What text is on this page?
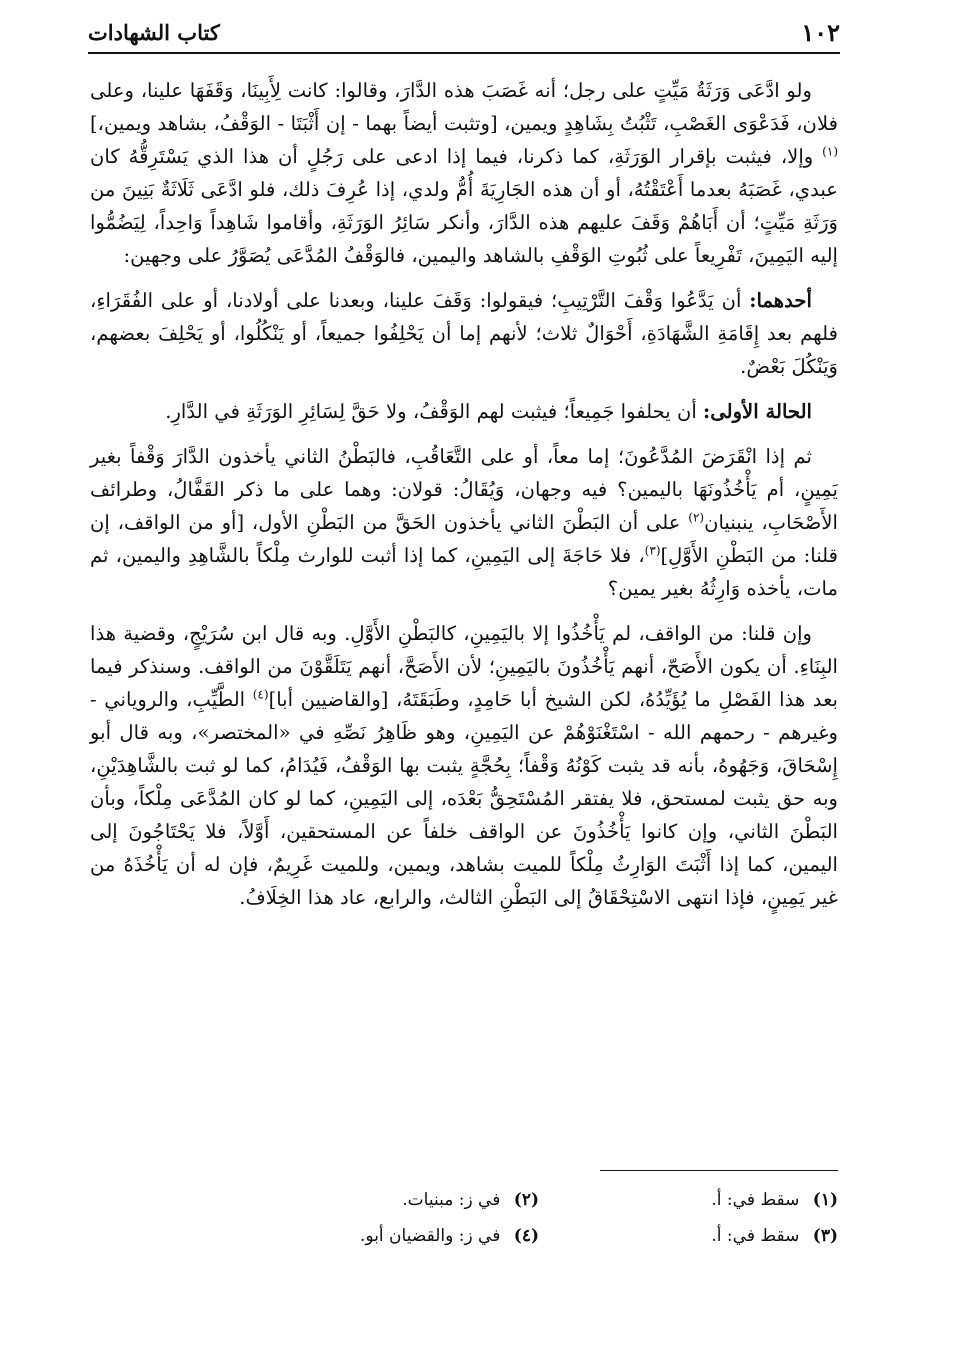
١٠٢
كتاب الشهادات

ولو ادَّعَى وَرَثَةُ مَيِّتٍ على رجل؛ أنه غَصَبَ هذه الدَّارَ، وقالوا: كانت لِأَبِينَا، وَقَفَهَا علينا، وعلى فلان، فَدَعْوَى الغَصْبِ، تَثْبُتُ بِشَاهِدٍ ويمين، [وتثبت أيضاً بهما - إن أَثْبَتَا - الوَقْفُ، بشاهد ويمين،]$^{(١)}$ وإلا، فيثبت بإقرار الوَرَثَةِ، كما ذكرنا، فيما إذا ادعى على رَجُلٍ أن هذا الذي يَسْتَرِقُّهُ كان عبدي، غَصَبَهُ بعدما أَعْتَقْتُهُ، أو أن هذه الجَارِيَةَ أُمُّ ولدي، إذا عُرِفَ ذلك، فلو ادَّعَى ثَلَاثَةٌ بَنِينَ من وَرَثَةِ مَيِّتٍ؛ أن أَبَاهُمْ وَقَفَ عليهم هذه الدَّارَ، وأنكر سَائِرُ الوَرَثَةِ، وأقاموا شَاهِداً وَاحِداً، لِيَضُمُّوا إليه اليَمِينَ، تَفْرِيعاً على ثُبُوتِ الوَقْفِ بالشاهد واليمين، فالوَقْفُ المُدَّعَى يُصَوَّرُ على وجهين:

أحدهما: أن يَدَّعُوا وَقْفَ التَّرْتِيبِ؛ فيقولوا: وَقَفَ علينا، وبعدنا على أولادنا، أو على الفُقَرَاءِ، فلهم بعد إِقَامَةِ الشَّهَادَةِ، أَحْوَالٌ ثلاث؛ لأنهم إما أن يَحْلِفُوا جميعاً، أو يَنْكُلُوا، أو يَحْلِفَ بعضهم، وَيَنْكُلَ بَعْضٌ.

الحالة الأولى: أن يحلفوا جَمِيعاً؛ فيثبت لهم الوَقْفُ، ولا حَقَّ لِسَائِرِ الوَرَثَةِ في الدَّارِ.

ثم إذا انْقَرَضَ المُدَّعُونَ؛ إما معاً، أو على التَّعَاقُبِ، فالبَطْنُ الثاني يأخذون الدَّارَ وَقْفاً بغير يَمِينٍ، أم يَأْخُذُونَهَا باليمين؟ فيه وجهان، وَيُقَالُ: قولان: وهما على ما ذكر القَفَّالُ، وطرائف الأَصْحَابِ، ينبنيان$^{(٢)}$ على أن البَطْنَ الثاني يأخذون الحَقَّ من البَطْنِ الأول، [أو من الواقف، إن قلنا: من البَطْنِ الأَوَّلِ]$^{(٣)}$، فلا حَاجَةَ إلى اليَمِينِ، كما إذا أثبت للوارث مِلْكاً بالشَّاهِدِ واليمين، ثم مات، يأخذه وَارِثُهُ بغير يمين؟

وإن قلنا: من الواقف، لم يَأْخُذُوا إلا باليَمِينِ، كالبَطْنِ الأَوَّلِ. وبه قال ابن سُرَيْجٍ، وقضية هذا البِنَاءِ. أن يكون الأَصَحّ، أنهم يَأْخُذُونَ باليَمِينِ؛ لأن الأَصَحَّ، أنهم يَتَلَقَّوْنَ من الواقف. وسنذكر فيما بعد هذا الفَصْلِ ما يُؤَيِّدُهُ، لكن الشيخ أبا حَامِدٍ، وطَبَقَتَهُ، [والقاضيين أبا]$^{(٤)}$ الطَّيِّبِ، والروياني - وغيرهم - رحمهم الله - اسْتَغْنَوْهُمْ عن اليَمِينِ، وهو ظَاهِرُ نَصِّهِ في «المختصر»، وبه قال أبو إِسْحَاقَ، وَجَهُوهُ، بأنه قد يثبت كَوْنُهُ وَقْفاً؛ بِحُجَّةٍ يثبت بها الوَقْفُ، فَيُدَامُ، كما لو ثبت بالشَّاهِدَيْنِ، وبه حق يثبت لمستحق، فلا يفتقر المُسْتَحِقُّ بَعْدَه، إلى اليَمِينِ، كما لو كان المُدَّعَى مِلْكاً، وبأن البَطْنَ الثاني، وإن كانوا يَأْخُذُونَ عن الواقف خلفاً عن المستحقين، أَوَّلاً، فلا يَحْتَاجُونَ إلى اليمين، كما إذا أَثْبَتَ الوَارِثُ مِلْكاً للميت بشاهد، ويمين، وللميت غَرِيمٌ، فإن له أن يَأْخُذَهُ من غير يَمِينٍ، فإذا انتهى الاسْتِحْقَاقُ إلى البَطْنِ الثالث، والرابع، عاد هذا الخِلَافُ.

(١) سقط في: أ.
(٢) في ز: مبنيات.
(٣) سقط في: أ.
(٤) في ز: والقضيان أبو.
